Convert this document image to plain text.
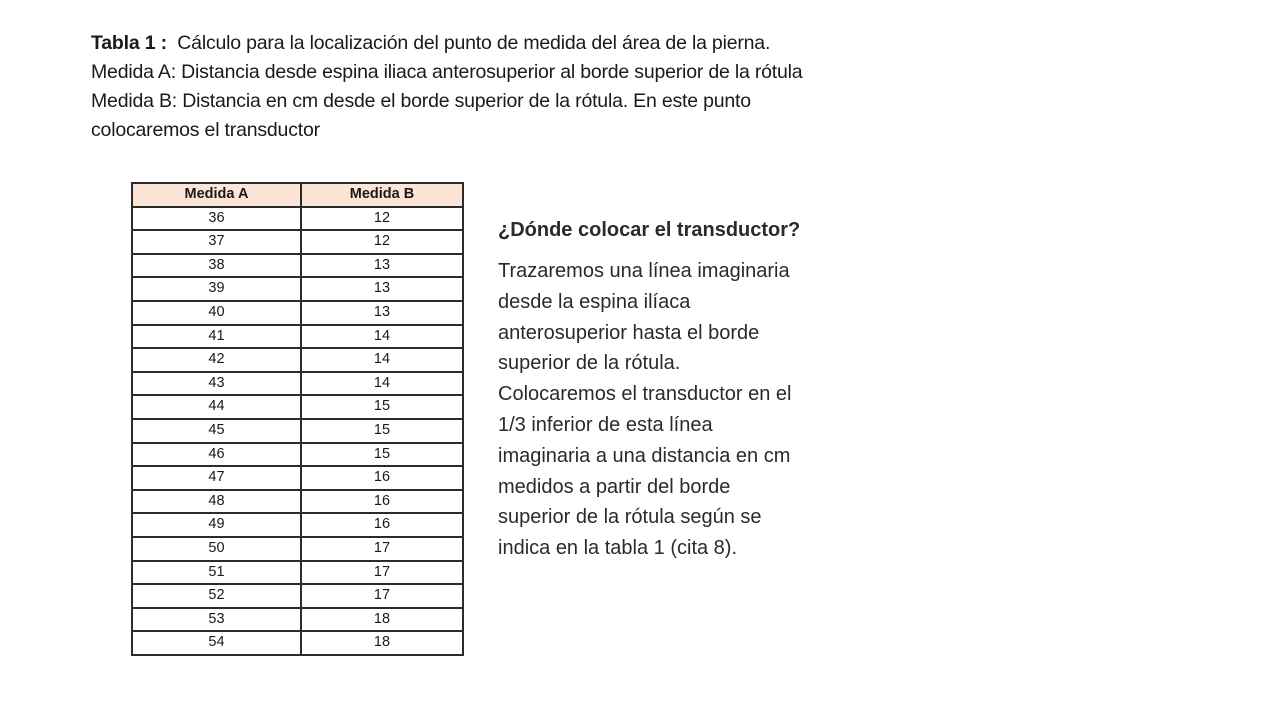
Tabla 1 : Cálculo para la localización del punto de medida del área de la pierna.
Medida A: Distancia desde espina iliaca anterosuperior al borde superior de la rótula
Medida B: Distancia en cm desde el borde superior de la rótula. En este punto
colocaremos el transductor
Medida A	Medida B
36	12
37	12
38	13
39	13
40	13
41	14
42	14
43	14
44	15
45	15
46	15
47	16
48	16
49	16
50	17
51	17
52	17
53	18
54	18
¿Dónde colocar el transductor?
Trazaremos una línea imaginaria
desde la espina ilíaca
anterosuperior hasta el borde
superior de la rótula.
Colocaremos el transductor en el
1/3 inferior de esta línea
imaginaria a una distancia en cm
medidos a partir del borde
superior de la rótula según se
indica en la tabla 1 (cita 8).
